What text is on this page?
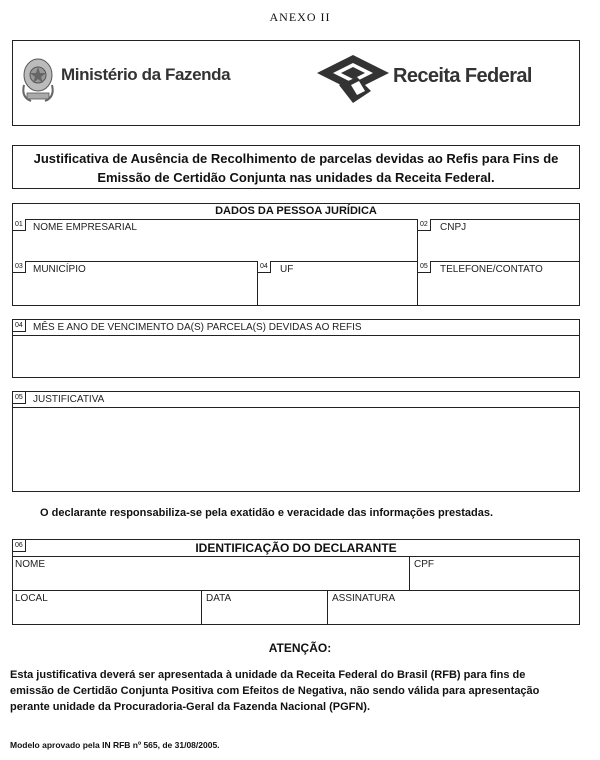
ANEXO II
Ministério da Fazenda	Receita Federal
Justificativa de Ausência de Recolhimento de parcelas devidas ao Refis para Fins de
Emissão de Certidão Conjunta nas unidades da Receita Federal.
DADOS DA PESSOA JURÍDICA
01	NOME EMPRESARIAL	02	CNPJ
03	MUNICÍPIO	04	UF	05	TELEFONE/CONTATO
04	MÊS E ANO DE VENCIMENTO DA(S) PARCELA(S) DEVIDAS AO REFIS
05	JUSTIFICATIVA
O declarante responsabiliza-se pela exatidão e veracidade das informações prestadas.
06	IDENTIFICAÇÃO DO DECLARANTE
NOME	CPF
LOCAL	DATA	ASSINATURA
ATENÇÃO:
Esta justificativa deverá ser apresentada à unidade da Receita Federal do Brasil (RFB) para fins de
emissão de Certidão Conjunta Positiva com Efeitos de Negativa, não sendo válida para apresentação
perante unidade da Procuradoria-Geral da Fazenda Nacional (PGFN).
Modelo aprovado pela IN RFB nº 565, de 31/08/2005.
